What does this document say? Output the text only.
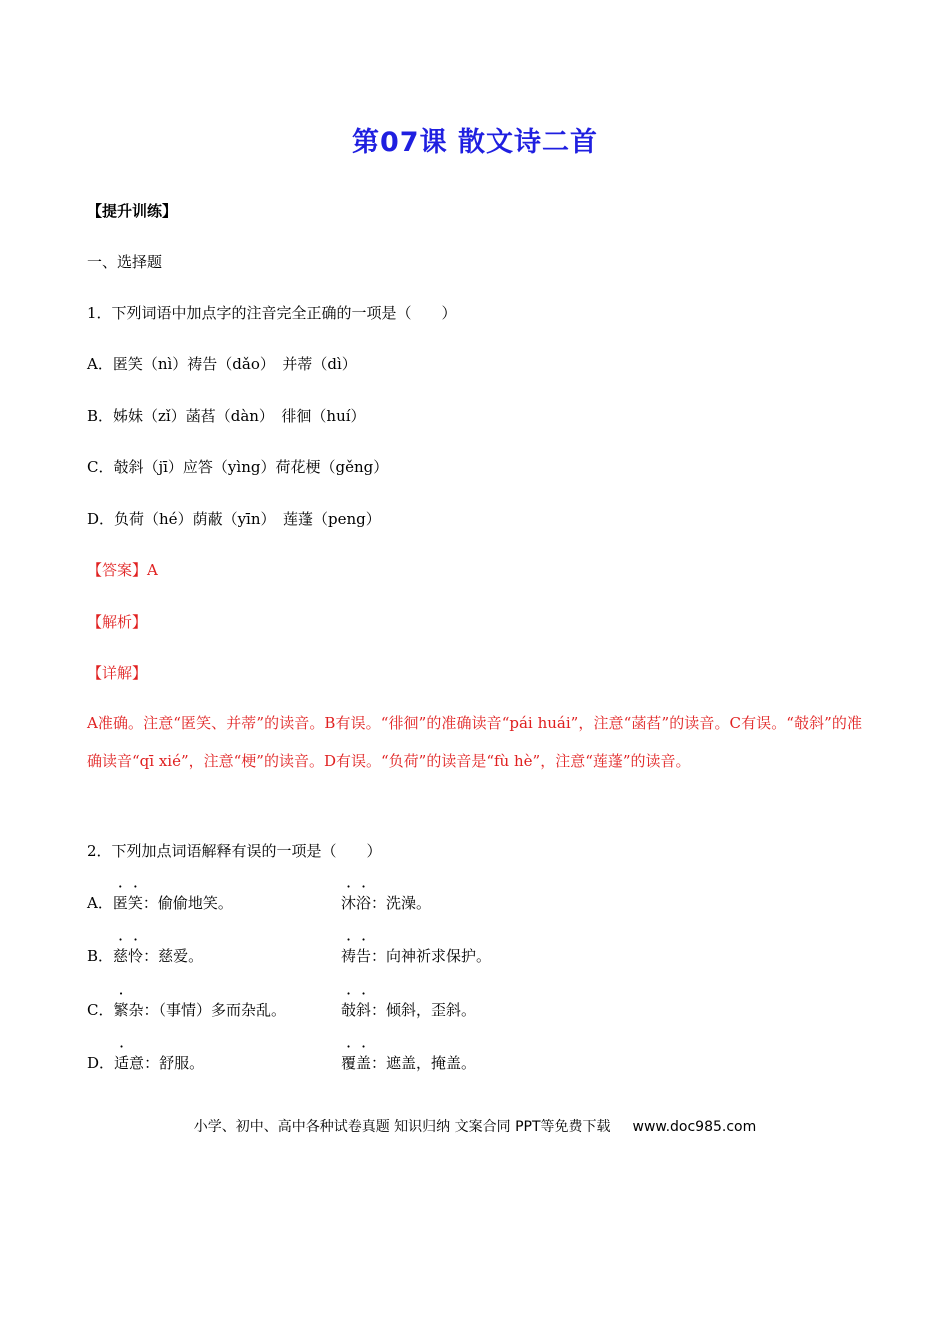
第07课 散文诗二首
【提升训练】
一、选择题
1．下列词语中加点字的注音完全正确的一项是（　　）
A．匿笑（nì）祷告（dǎo）　并蒂（dì）
B．姊妹（zǐ）菡萏（dàn）　徘徊（huí）
C．攲斜（jī）应答（yìng）荷花梗（gěng）
D．负荷（hé）荫蔽（yīn）　莲蓬（peng）
【答案】A
【解析】
【详解】
A准确。注意“匿笑、并蒂”的读音。B有误。“徘徊”的准确读音“pái huái”，注意“菡萏”的读音。C有误。“攲斜”的准确读音“qī xié”，注意“梗”的读音。D有误。“负荷”的读音是“fù hè”，注意“莲蓬”的读音。
2．下列加点词语解释有误的一项是（　　）
A．匿笑：偷偷地笑。	沐浴：洗澡。
B．慈怜：慈爱。	祷告：向神祈求保护。
C．繁杂：（事情）多而杂乱。	攲斜：倾斜，歪斜。
D．适意：舒服。	覆盖：遮盖，掩盖。
小学、初中、高中各种试卷真题 知识归纳 文案合同 PPT等免费下载 www.doc985.com
